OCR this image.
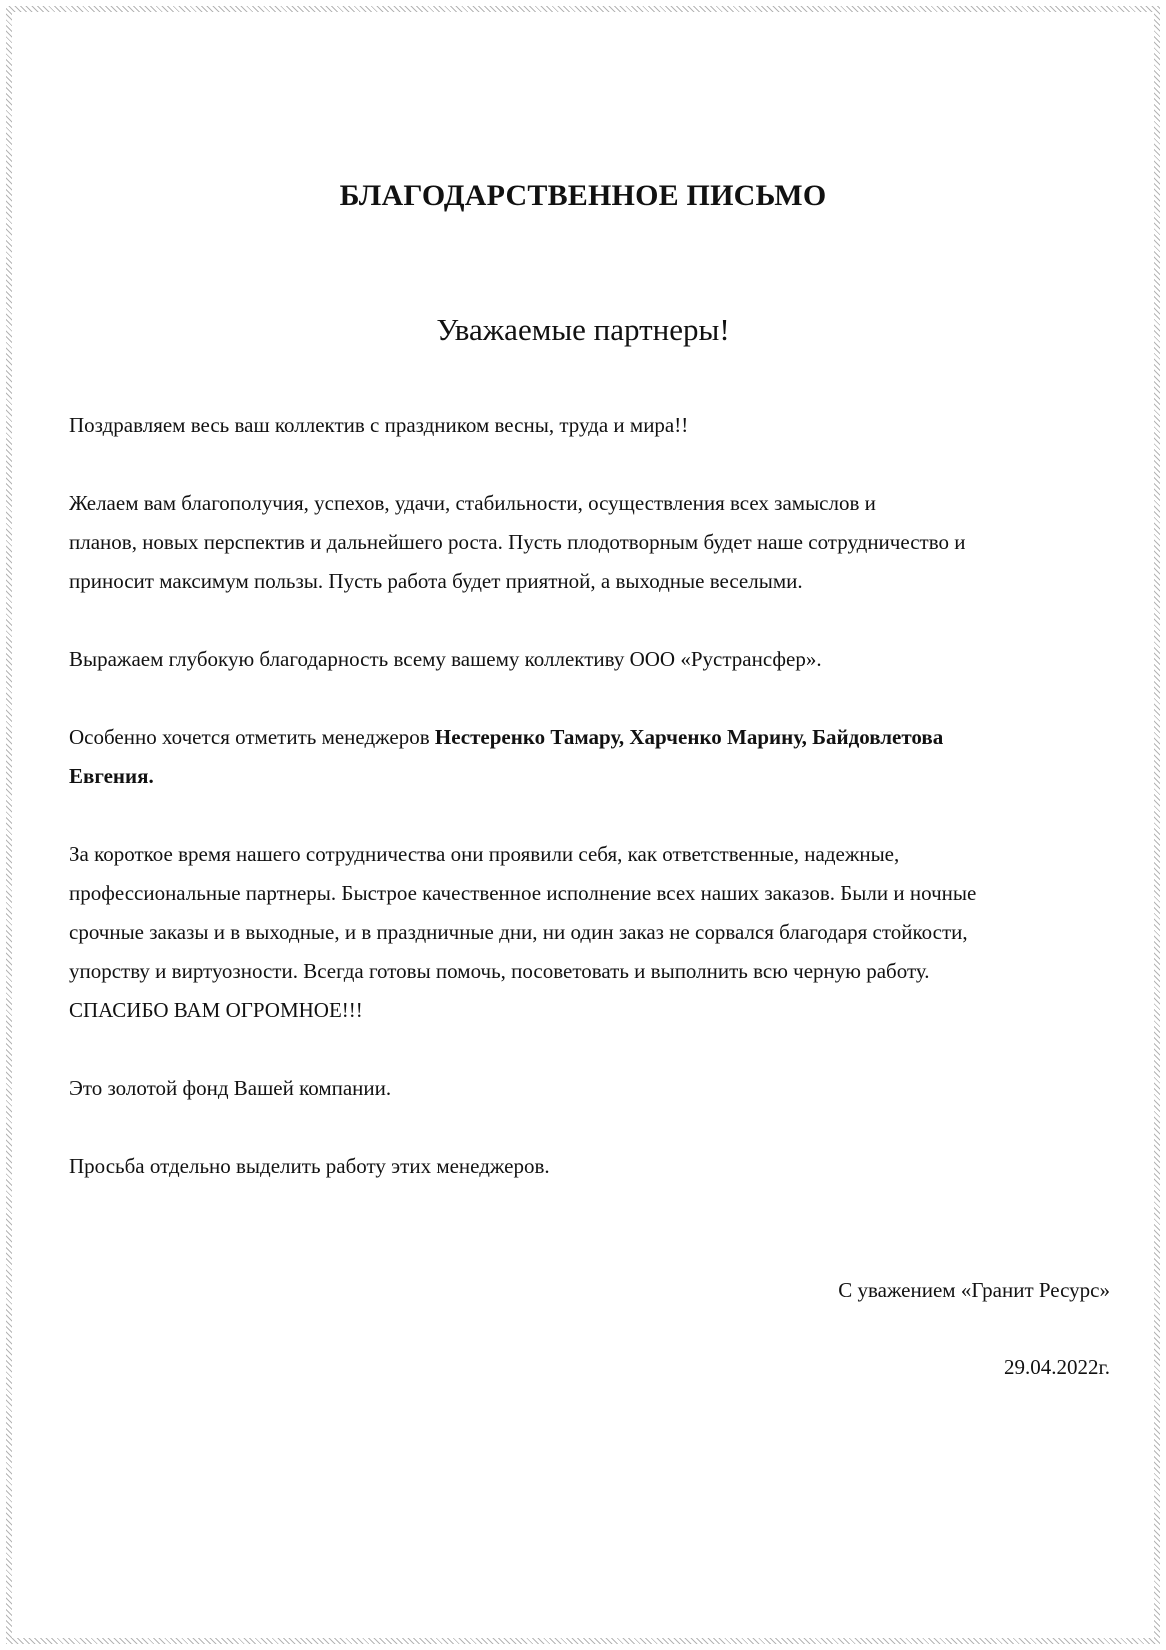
БЛАГОДАРСТВЕННОЕ ПИСЬМО
Уважаемые партнеры!

Поздравляем весь ваш коллектив с праздником весны, труда и мира!!

Желаем вам благополучия, успехов, удачи, стабильности, осуществления всех замыслов и
планов, новых перспектив и дальнейшего роста. Пусть плодотворным будет наше сотрудничество и
приносит максимум пользы. Пусть работа будет приятной, а выходные веселыми.

Выражаем глубокую благодарность всему вашему коллективу ООО «Рустрансфер».

Особенно хочется отметить менеджеров Нестеренко Тамару, Харченко Марину, Байдовлетова
Евгения.

За короткое время нашего сотрудничества они проявили себя, как ответственные, надежные,
профессиональные партнеры. Быстрое качественное исполнение всех наших заказов. Были и ночные
срочные заказы и в выходные, и в праздничные дни, ни один заказ не сорвался благодаря стойкости,
упорству и виртуозности. Всегда готовы помочь, посоветовать и выполнить всю черную работу.
СПАСИБО ВАМ ОГРОМНОЕ!!!

Это золотой фонд Вашей компании.

Просьба отдельно выделить работу этих менеджеров.

С уважением «Гранит Ресурс»
29.04.2022г.
